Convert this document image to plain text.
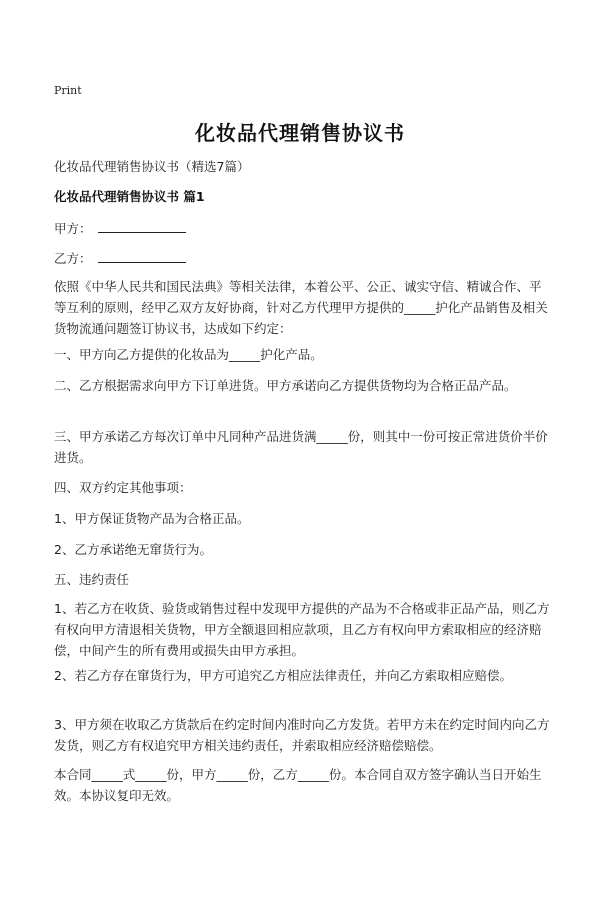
Print
化妆品代理销售协议书
化妆品代理销售协议书（精选7篇）
化妆品代理销售协议书 篇1
甲方：
乙方：
依照《中华人民共和国民法典》等相关法律，本着公平、公正、诚实守信、精诚合作、平等互利的原则，经甲乙双方友好协商，针对乙方代理甲方提供的_____护化产品销售及相关货物流通问题签订协议书，达成如下约定：
一、甲方向乙方提供的化妆品为_____护化产品。
二、乙方根据需求向甲方下订单进货。甲方承诺向乙方提供货物均为合格正品产品。
三、甲方承诺乙方每次订单中凡同种产品进货满_____份，则其中一份可按正常进货价半价进货。
四、双方约定其他事项：
1、甲方保证货物产品为合格正品。
2、乙方承诺绝无窜货行为。
五、违约责任
1、若乙方在收货、验货或销售过程中发现甲方提供的产品为不合格或非正品产品，则乙方有权向甲方清退相关货物，甲方全额退回相应款项，且乙方有权向甲方索取相应的经济赔偿，中间产生的所有费用或损失由甲方承担。
2、若乙方存在窜货行为，甲方可追究乙方相应法律责任，并向乙方索取相应赔偿。
3、甲方须在收取乙方货款后在约定时间内准时向乙方发货。若甲方未在约定时间内向乙方发货，则乙方有权追究甲方相关违约责任，并索取相应经济赔偿赔偿。
本合同_____式_____份，甲方_____份，乙方_____份。本合同自双方签字确认当日开始生效。本协议复印无效。
